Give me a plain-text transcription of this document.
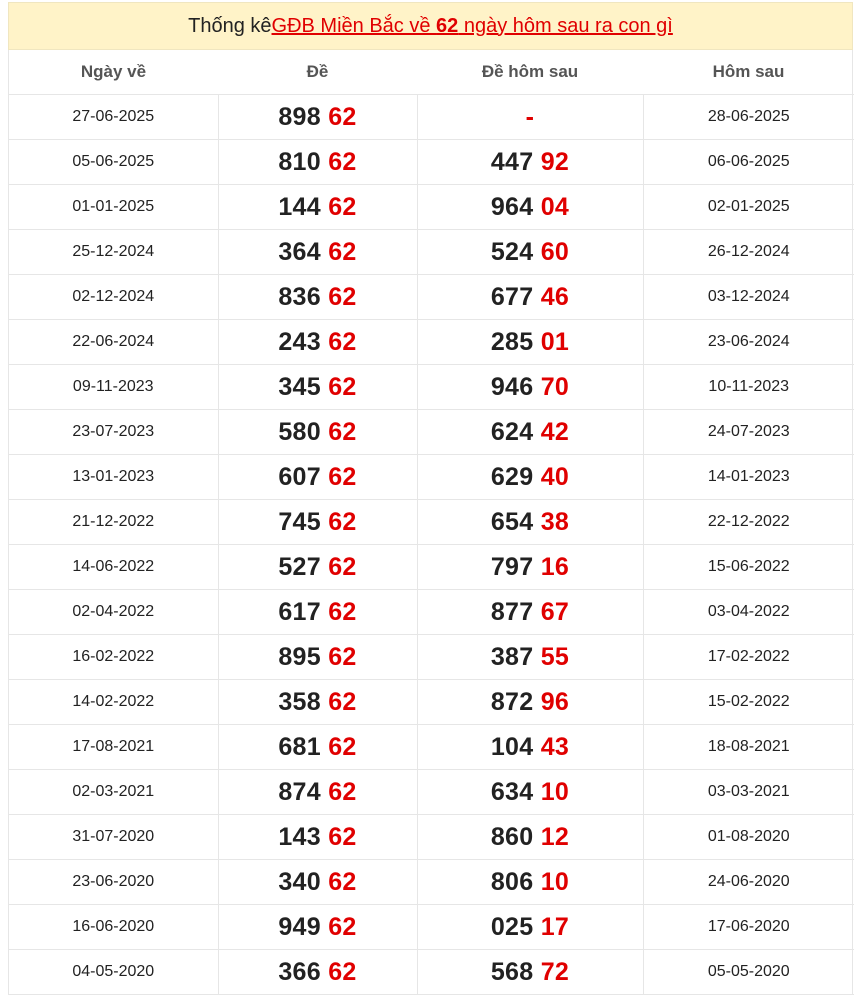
Thống kê GĐB Miền Bắc về 62 ngày hôm sau ra con gì
Ngày về	Đề	Đề hôm sau	Hôm sau
27-06-2025	898 62	-	28-06-2025
05-06-2025	810 62	447 92	06-06-2025
01-01-2025	144 62	964 04	02-01-2025
25-12-2024	364 62	524 60	26-12-2024
02-12-2024	836 62	677 46	03-12-2024
22-06-2024	243 62	285 01	23-06-2024
09-11-2023	345 62	946 70	10-11-2023
23-07-2023	580 62	624 42	24-07-2023
13-01-2023	607 62	629 40	14-01-2023
21-12-2022	745 62	654 38	22-12-2022
14-06-2022	527 62	797 16	15-06-2022
02-04-2022	617 62	877 67	03-04-2022
16-02-2022	895 62	387 55	17-02-2022
14-02-2022	358 62	872 96	15-02-2022
17-08-2021	681 62	104 43	18-08-2021
02-03-2021	874 62	634 10	03-03-2021
31-07-2020	143 62	860 12	01-08-2020
23-06-2020	340 62	806 10	24-06-2020
16-06-2020	949 62	025 17	17-06-2020
04-05-2020	366 62	568 72	05-05-2020
